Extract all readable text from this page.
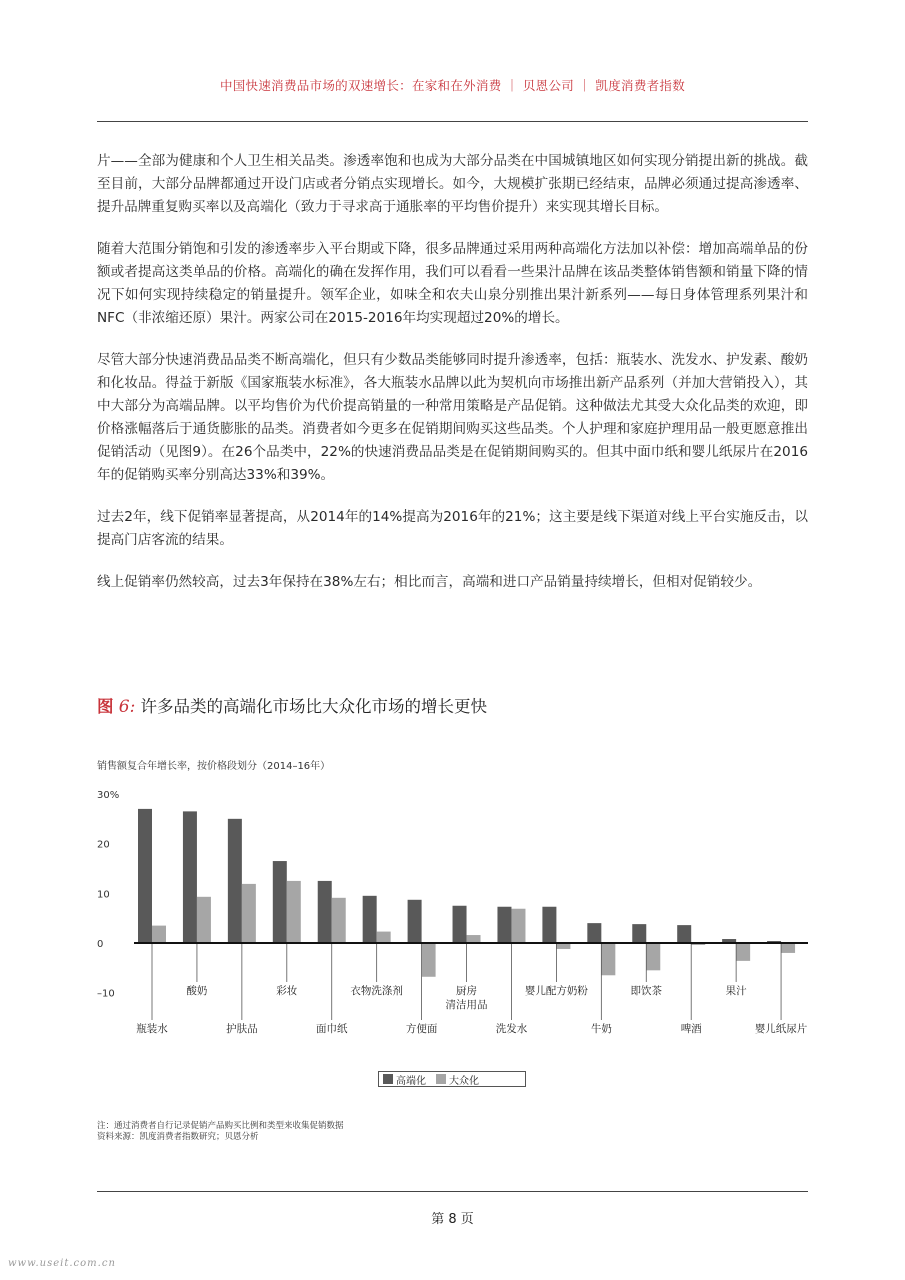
中国快速消费品市场的双速增长：在家和在外消费 ｜ 贝恩公司 ｜ 凯度消费者指数

片——全部为健康和个人卫生相关品类。渗透率饱和也成为大部分品类在中国城镇地区如何实现分销提出新的挑战。截至目前，大部分品牌都通过开设门店或者分销点实现增长。如今，大规模扩张期已经结束，品牌必须通过提高渗透率、提升品牌重复购买率以及高端化（致力于寻求高于通胀率的平均售价提升）来实现其增长目标。

随着大范围分销饱和引发的渗透率步入平台期或下降，很多品牌通过采用两种高端化方法加以补偿：增加高端单品的份额或者提高这类单品的价格。高端化的确在发挥作用，我们可以看看一些果汁品牌在该品类整体销售额和销量下降的情况下如何实现持续稳定的销量提升。领军企业，如味全和农夫山泉分别推出果汁新系列——每日身体管理系列果汁和NFC（非浓缩还原）果汁。两家公司在2015-2016年均实现超过20%的增长。

尽管大部分快速消费品品类不断高端化，但只有少数品类能够同时提升渗透率，包括：瓶装水、洗发水、护发素、酸奶和化妆品。得益于新版《国家瓶装水标准》，各大瓶装水品牌以此为契机向市场推出新产品系列（并加大营销投入），其中大部分为高端品牌。以平均售价为代价提高销量的一种常用策略是产品促销。这种做法尤其受大众化品类的欢迎，即价格涨幅落后于通货膨胀的品类。消费者如今更多在促销期间购买这些品类。个人护理和家庭护理用品一般更愿意推出促销活动（见图9）。在26个品类中，22%的快速消费品品类是在促销期间购买的。但其中面巾纸和婴儿纸尿片在2016年的促销购买率分别高达33%和39%。

过去2年，线下促销率显著提高，从2014年的14%提高为2016年的21%；这主要是线下渠道对线上平台实施反击，以提高门店客流的结果。

线上促销率仍然较高，过去3年保持在38%左右；相比而言，高端和进口产品销量持续增长，但相对促销较少。

图 6: 许多品类的高端化市场比大众化市场的增长更快
销售额复合年增长率，按价格段划分（2014–16年）
30%
20
10
0
–10
瓶装水
酸奶
护肤品
彩妆
面巾纸
衣物洗涤剂
方便面
厨房
清洁用品
洗发水
婴儿配方奶粉
牛奶
即饮茶
啤酒
果汁
婴儿纸尿片
高端化 大众化
注：通过消费者自行记录促销产品购买比例和类型来收集促销数据
资料来源：凯度消费者指数研究；贝恩分析
第 8 页
www.useit.com.cn
